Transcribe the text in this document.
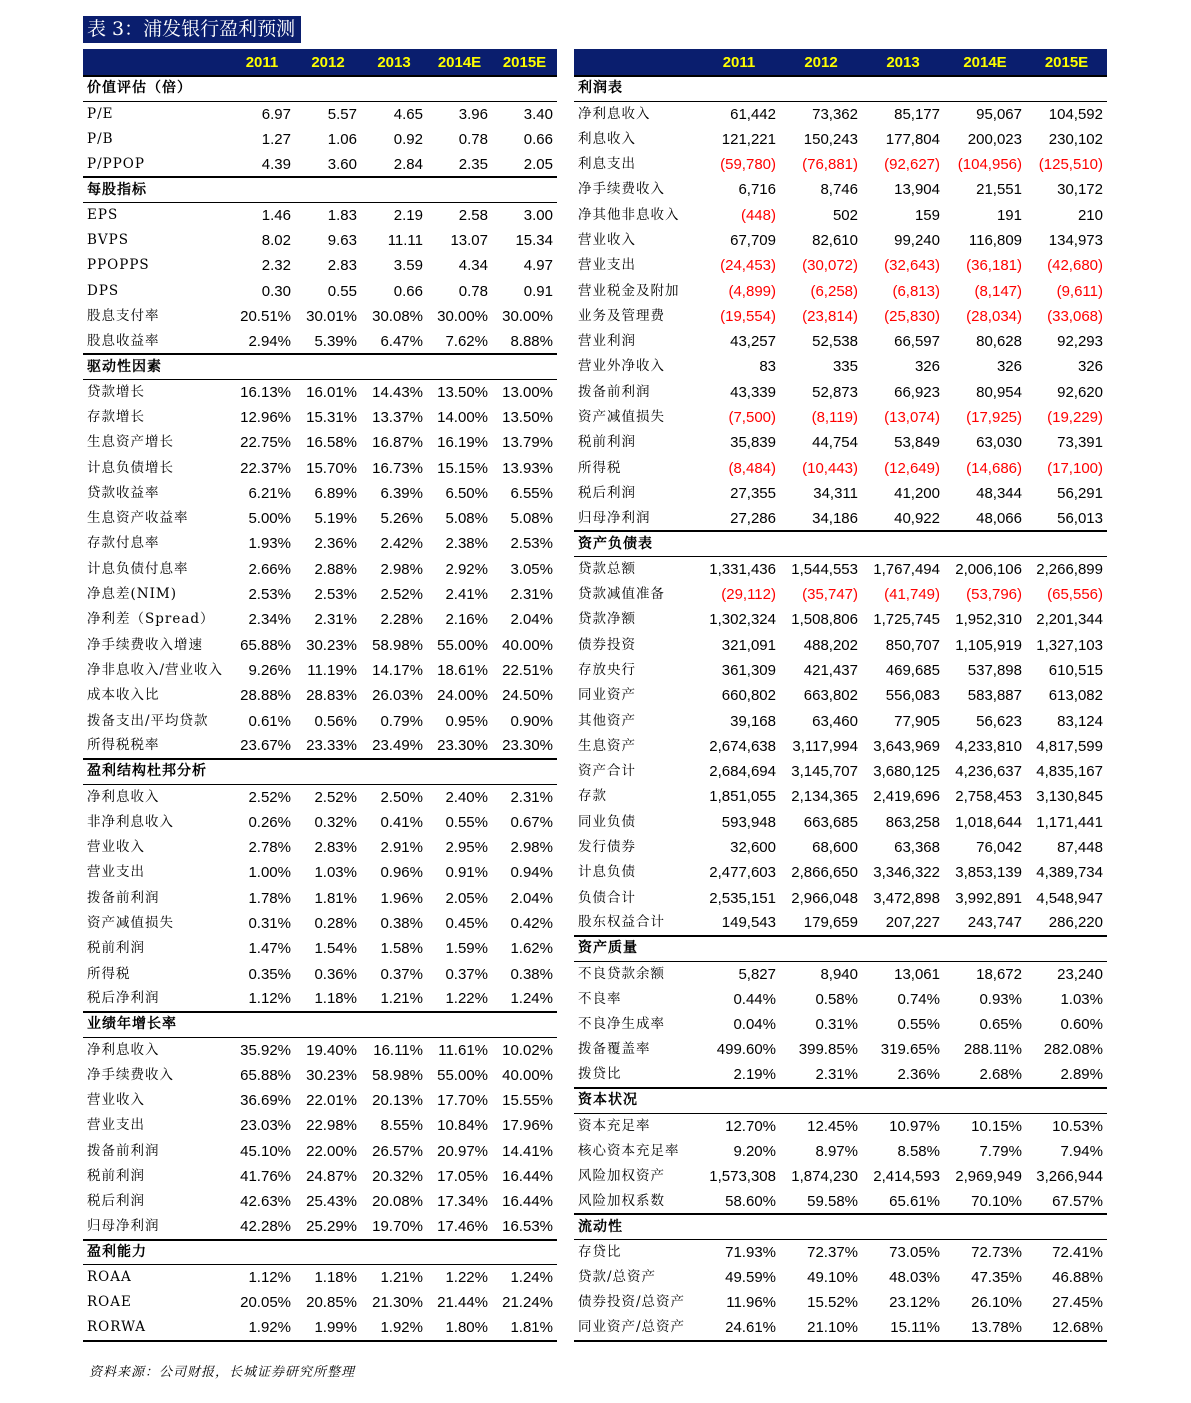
表 3：浦发银行盈利预测
	2011	2012	2013	2014E	2015E
价值评估（倍）					
P/E	6.97	5.57	4.65	3.96	3.40
P/B	1.27	1.06	0.92	0.78	0.66
P/PPOP	4.39	3.60	2.84	2.35	2.05
每股指标					
EPS	1.46	1.83	2.19	2.58	3.00
BVPS	8.02	9.63	11.11	13.07	15.34
PPOPPS	2.32	2.83	3.59	4.34	4.97
DPS	0.30	0.55	0.66	0.78	0.91
股息支付率	20.51%	30.01%	30.08%	30.00%	30.00%
股息收益率	2.94%	5.39%	6.47%	7.62%	8.88%
驱动性因素					
贷款增长	16.13%	16.01%	14.43%	13.50%	13.00%
存款增长	12.96%	15.31%	13.37%	14.00%	13.50%
生息资产增长	22.75%	16.58%	16.87%	16.19%	13.79%
计息负债增长	22.37%	15.70%	16.73%	15.15%	13.93%
贷款收益率	6.21%	6.89%	6.39%	6.50%	6.55%
生息资产收益率	5.00%	5.19%	5.26%	5.08%	5.08%
存款付息率	1.93%	2.36%	2.42%	2.38%	2.53%
计息负债付息率	2.66%	2.88%	2.98%	2.92%	3.05%
净息差(NIM)	2.53%	2.53%	2.52%	2.41%	2.31%
净利差（Spread）	2.34%	2.31%	2.28%	2.16%	2.04%
净手续费收入增速	65.88%	30.23%	58.98%	55.00%	40.00%
净非息收入/营业收入	9.26%	11.19%	14.17%	18.61%	22.51%
成本收入比	28.88%	28.83%	26.03%	24.00%	24.50%
拨备支出/平均贷款	0.61%	0.56%	0.79%	0.95%	0.90%
所得税税率	23.67%	23.33%	23.49%	23.30%	23.30%
盈利结构杜邦分析					
净利息收入	2.52%	2.52%	2.50%	2.40%	2.31%
非净利息收入	0.26%	0.32%	0.41%	0.55%	0.67%
营业收入	2.78%	2.83%	2.91%	2.95%	2.98%
营业支出	1.00%	1.03%	0.96%	0.91%	0.94%
拨备前利润	1.78%	1.81%	1.96%	2.05%	2.04%
资产减值损失	0.31%	0.28%	0.38%	0.45%	0.42%
税前利润	1.47%	1.54%	1.58%	1.59%	1.62%
所得税	0.35%	0.36%	0.37%	0.37%	0.38%
税后净利润	1.12%	1.18%	1.21%	1.22%	1.24%
业绩年增长率					
净利息收入	35.92%	19.40%	16.11%	11.61%	10.02%
净手续费收入	65.88%	30.23%	58.98%	55.00%	40.00%
营业收入	36.69%	22.01%	20.13%	17.70%	15.55%
营业支出	23.03%	22.98%	8.55%	10.84%	17.96%
拨备前利润	45.10%	22.00%	26.57%	20.97%	14.41%
税前利润	41.76%	24.87%	20.32%	17.05%	16.44%
税后利润	42.63%	25.43%	20.08%	17.34%	16.44%
归母净利润	42.28%	25.29%	19.70%	17.46%	16.53%
盈利能力					
ROAA	1.12%	1.18%	1.21%	1.22%	1.24%
ROAE	20.05%	20.85%	21.30%	21.44%	21.24%
RORWA	1.92%	1.99%	1.92%	1.80%	1.81%
	2011	2012	2013	2014E	2015E
利润表					
净利息收入	61,442	73,362	85,177	95,067	104,592
利息收入	121,221	150,243	177,804	200,023	230,102
利息支出	(59,780)	(76,881)	(92,627)	(104,956)	(125,510)
净手续费收入	6,716	8,746	13,904	21,551	30,172
净其他非息收入	(448)	502	159	191	210
营业收入	67,709	82,610	99,240	116,809	134,973
营业支出	(24,453)	(30,072)	(32,643)	(36,181)	(42,680)
营业税金及附加	(4,899)	(6,258)	(6,813)	(8,147)	(9,611)
业务及管理费	(19,554)	(23,814)	(25,830)	(28,034)	(33,068)
营业利润	43,257	52,538	66,597	80,628	92,293
营业外净收入	83	335	326	326	326
拨备前利润	43,339	52,873	66,923	80,954	92,620
资产减值损失	(7,500)	(8,119)	(13,074)	(17,925)	(19,229)
税前利润	35,839	44,754	53,849	63,030	73,391
所得税	(8,484)	(10,443)	(12,649)	(14,686)	(17,100)
税后利润	27,355	34,311	41,200	48,344	56,291
归母净利润	27,286	34,186	40,922	48,066	56,013
资产负债表					
贷款总额	1,331,436	1,544,553	1,767,494	2,006,106	2,266,899
贷款减值准备	(29,112)	(35,747)	(41,749)	(53,796)	(65,556)
贷款净额	1,302,324	1,508,806	1,725,745	1,952,310	2,201,344
债券投资	321,091	488,202	850,707	1,105,919	1,327,103
存放央行	361,309	421,437	469,685	537,898	610,515
同业资产	660,802	663,802	556,083	583,887	613,082
其他资产	39,168	63,460	77,905	56,623	83,124
生息资产	2,674,638	3,117,994	3,643,969	4,233,810	4,817,599
资产合计	2,684,694	3,145,707	3,680,125	4,236,637	4,835,167
存款	1,851,055	2,134,365	2,419,696	2,758,453	3,130,845
同业负债	593,948	663,685	863,258	1,018,644	1,171,441
发行债券	32,600	68,600	63,368	76,042	87,448
计息负债	2,477,603	2,866,650	3,346,322	3,853,139	4,389,734
负债合计	2,535,151	2,966,048	3,472,898	3,992,891	4,548,947
股东权益合计	149,543	179,659	207,227	243,747	286,220
资产质量					
不良贷款余额	5,827	8,940	13,061	18,672	23,240
不良率	0.44%	0.58%	0.74%	0.93%	1.03%
不良净生成率	0.04%	0.31%	0.55%	0.65%	0.60%
拨备覆盖率	499.60%	399.85%	319.65%	288.11%	282.08%
拨贷比	2.19%	2.31%	2.36%	2.68%	2.89%
资本状况					
资本充足率	12.70%	12.45%	10.97%	10.15%	10.53%
核心资本充足率	9.20%	8.97%	8.58%	7.79%	7.94%
风险加权资产	1,573,308	1,874,230	2,414,593	2,969,949	3,266,944
风险加权系数	58.60%	59.58%	65.61%	70.10%	67.57%
流动性					
存贷比	71.93%	72.37%	73.05%	72.73%	72.41%
贷款/总资产	49.59%	49.10%	48.03%	47.35%	46.88%
债券投资/总资产	11.96%	15.52%	23.12%	26.10%	27.45%
同业资产/总资产	24.61%	21.10%	15.11%	13.78%	12.68%
资料来源：公司财报，长城证券研究所整理
